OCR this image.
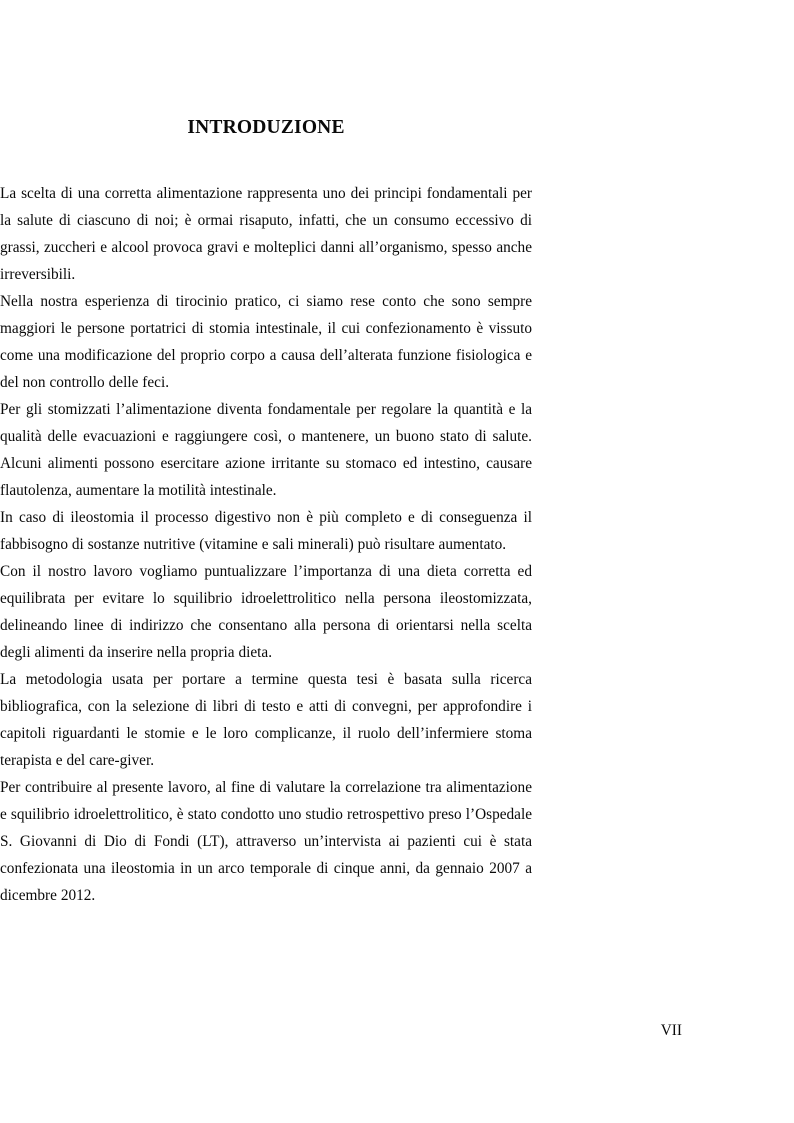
INTRODUZIONE

La scelta di una corretta alimentazione rappresenta uno dei principi fondamentali per la salute di ciascuno di noi; è ormai risaputo, infatti, che un consumo eccessivo di grassi, zuccheri e alcool provoca gravi e molteplici danni all’organismo, spesso anche irreversibili.

Nella nostra esperienza di tirocinio pratico, ci siamo rese conto che sono sempre maggiori le persone portatrici di stomia intestinale, il cui confezionamento è vissuto come una modificazione del proprio corpo a causa dell’alterata funzione fisiologica e del non controllo delle feci.

Per gli stomizzati l’alimentazione diventa fondamentale per regolare la quantità e la qualità delle evacuazioni e raggiungere così, o mantenere, un buono stato di salute. Alcuni alimenti possono esercitare azione irritante su stomaco ed intestino, causare flautolenza, aumentare la motilità intestinale.

In caso di ileostomia il processo digestivo non è più completo e di conseguenza il fabbisogno di sostanze nutritive (vitamine e sali minerali) può risultare aumentato.

Con il nostro lavoro vogliamo puntualizzare l’importanza di una dieta corretta ed equilibrata per evitare lo squilibrio idroelettrolitico nella persona ileostomizzata, delineando linee di indirizzo che consentano alla persona di orientarsi nella scelta degli alimenti da inserire nella propria dieta.

La metodologia usata per portare a termine questa tesi è basata sulla ricerca bibliografica, con la selezione di libri di testo e atti di convegni, per approfondire i capitoli riguardanti le stomie e le loro complicanze, il ruolo dell’infermiere stoma terapista e del care-giver.

Per contribuire al presente lavoro, al fine di valutare la correlazione tra alimentazione e squilibrio idroelettrolitico, è stato condotto uno studio retrospettivo preso l’Ospedale S. Giovanni di Dio di Fondi (LT), attraverso un’intervista ai pazienti cui è stata confezionata una ileostomia in un arco temporale di cinque anni, da gennaio 2007 a dicembre 2012.

VII
